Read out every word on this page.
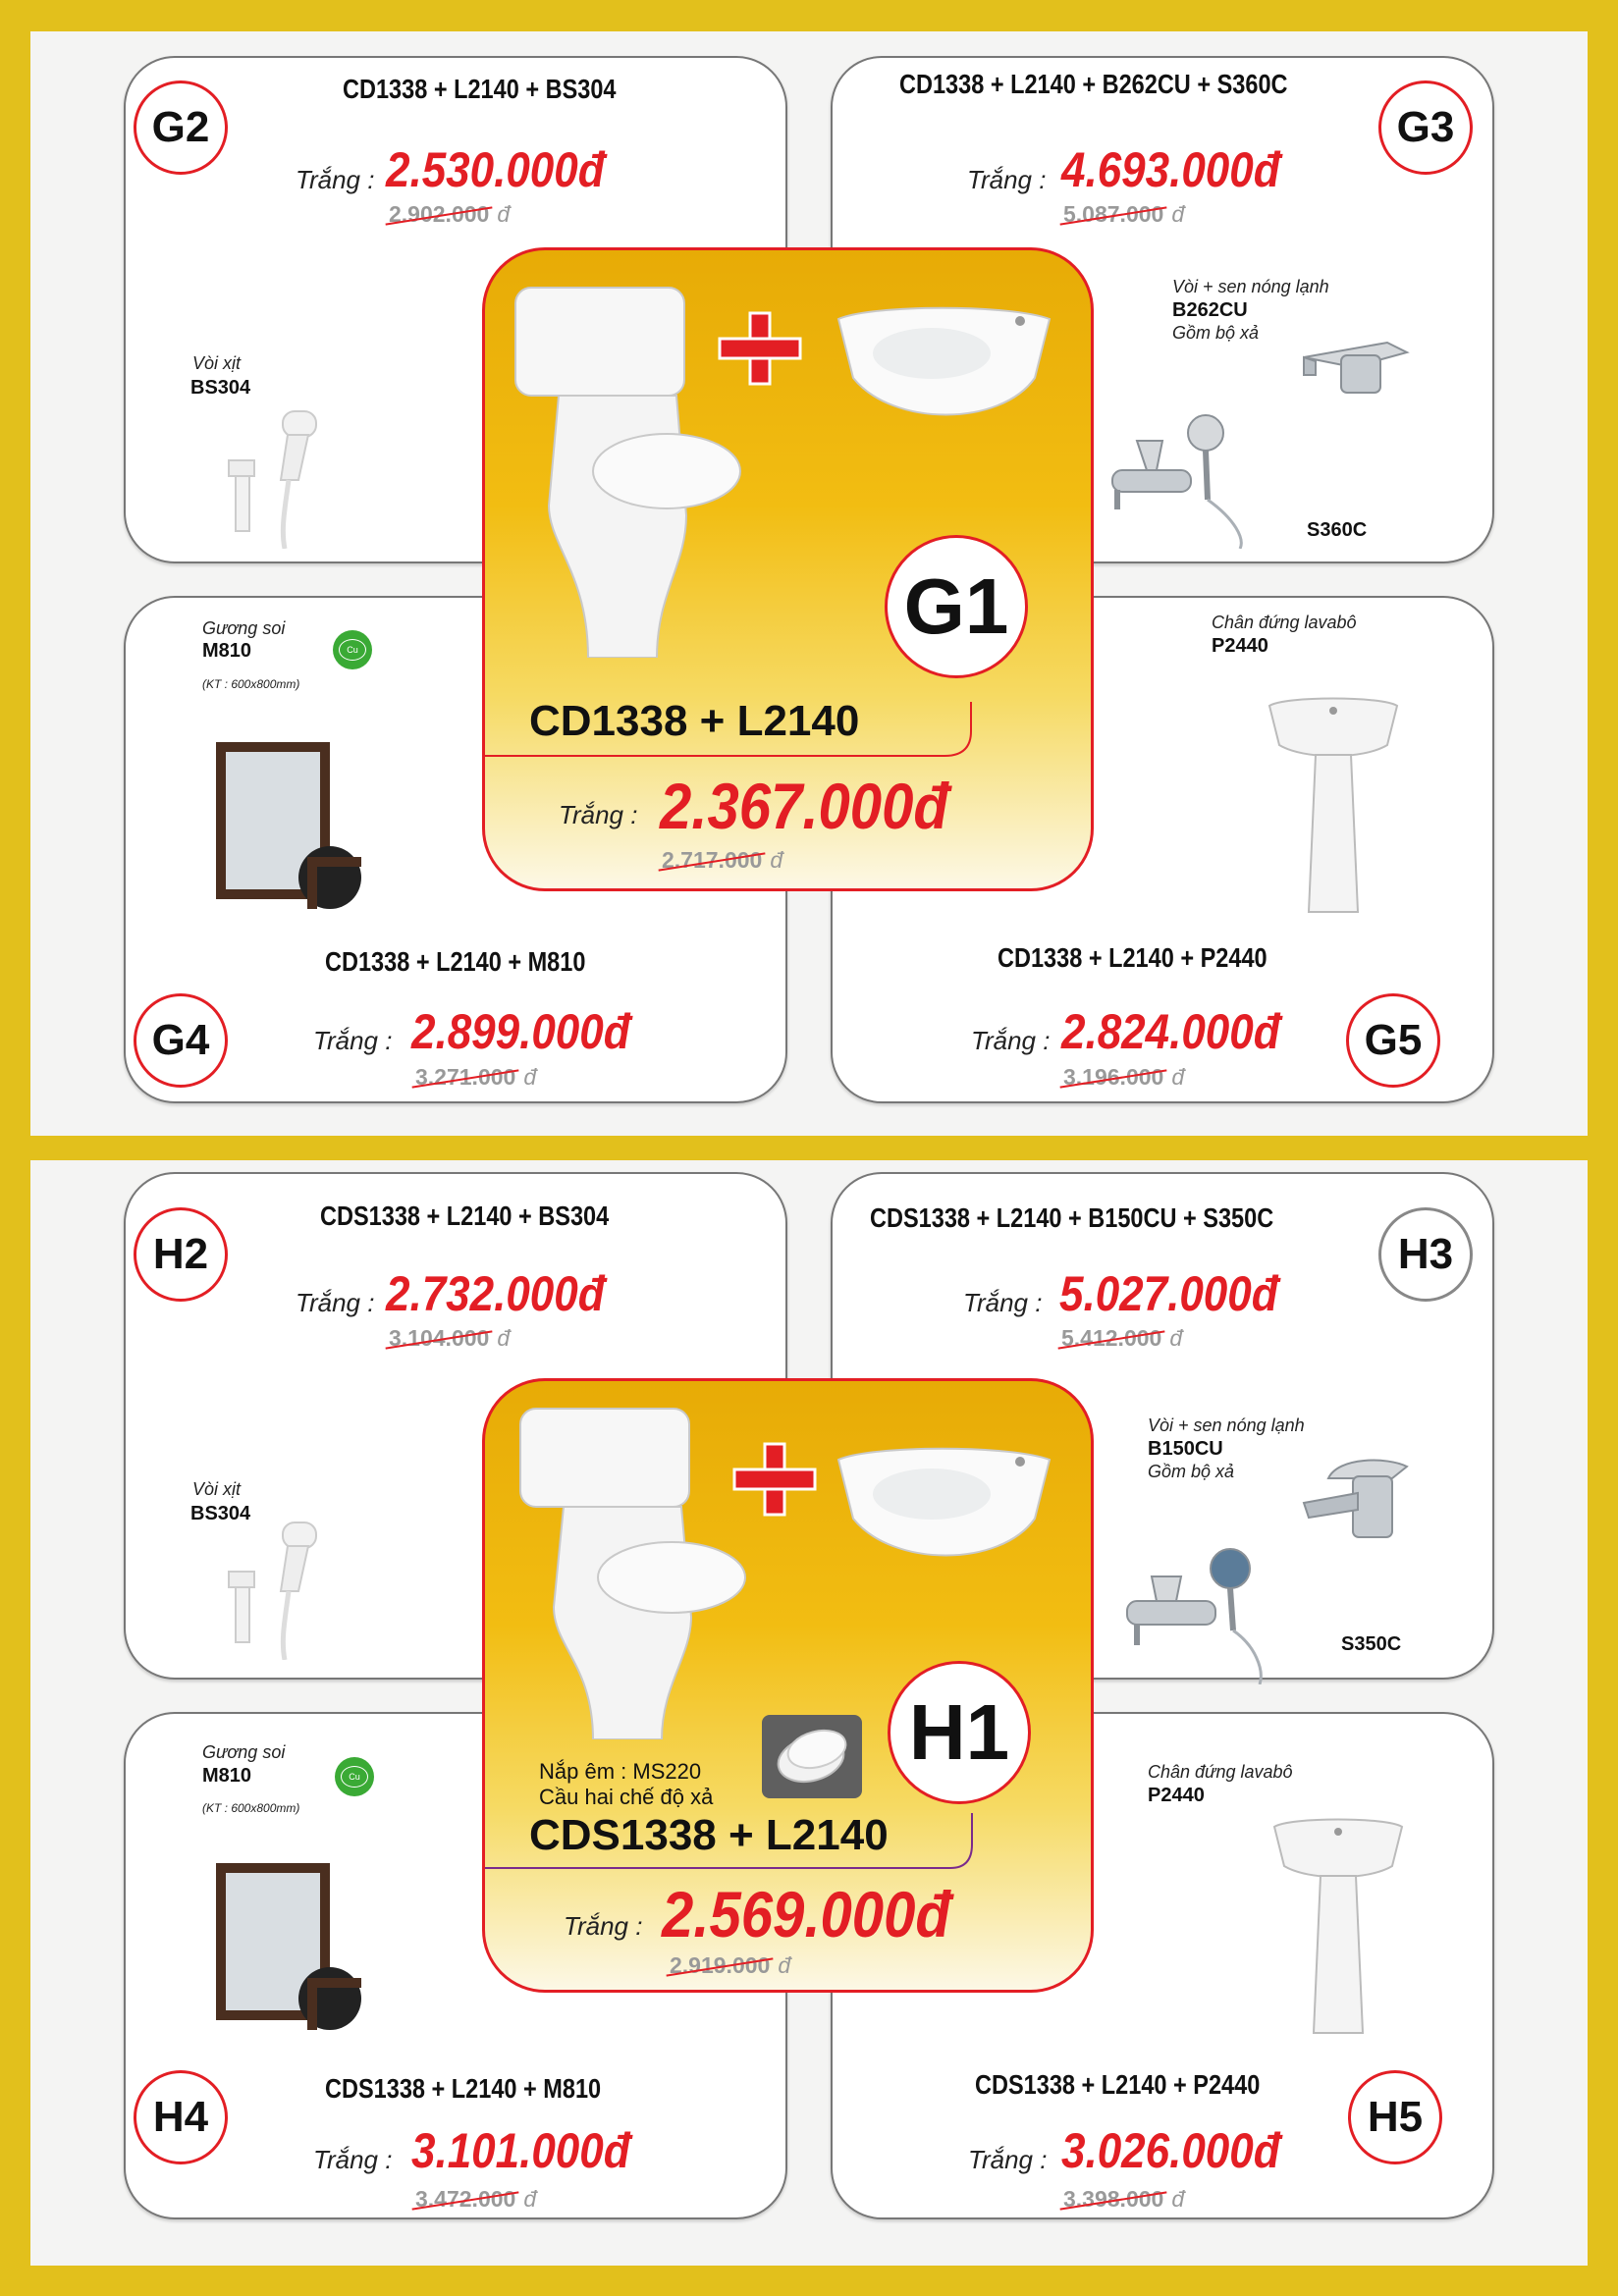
G1
CD1338 + L2140
Trắng : 2.367.000đ
2.717.000 đ
G2	G3
G4	G5
CD1338 + L2140 + BS304
Trắng : 2.530.000đ
2.902.000 đ
Vòi xịt
BS304
CD1338 + L2140 + B262CU + S360C
Trắng : 4.693.000đ
5.087.000 đ
Vòi + sen nóng lạnh
B262CU
Gồm bộ xả
S360C
CD1338 + L2140 + M810
Trắng : 2.899.000đ
3.271.000 đ
Gương soi
M810
(KT : 600x800mm)
Cu
CD1338 + L2140 + P2440
Trắng : 2.824.000đ
3.196.000 đ
Chân đứng lavabô
P2440
H1
Nắp êm : MS220
Cầu hai chế độ xả
CDS1338 + L2140
Trắng : 2.569.000đ
2.919.000 đ
H2	H3
H4	H5
CDS1338 + L2140 + BS304
Trắng : 2.732.000đ
3.104.000 đ
Vòi xịt
BS304
CDS1338 + L2140 + B150CU + S350C
Trắng : 5.027.000đ
5.412.000 đ
Vòi + sen nóng lạnh
B150CU
Gồm bộ xả
S350C
CDS1338 + L2140 + M810
Trắng : 3.101.000đ
3.472.000 đ
Gương soi
M810
(KT : 600x800mm)
Cu
CDS1338 + L2140 + P2440
Trắng : 3.026.000đ
3.398.000 đ
Chân đứng lavabô
P2440
